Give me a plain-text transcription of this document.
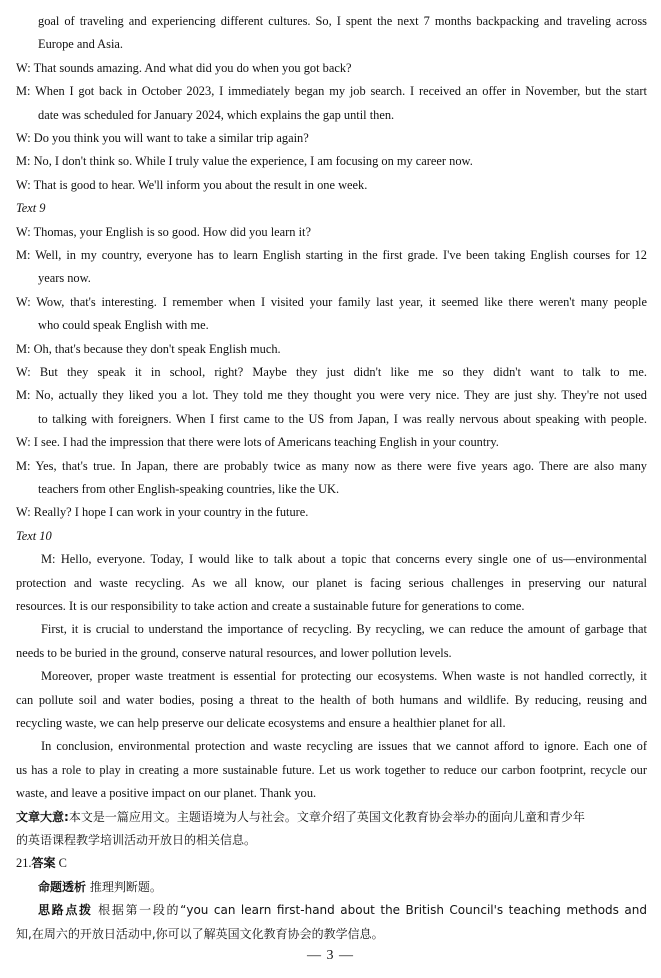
goal of traveling and experiencing different cultures. So, I spent the next 7 months backpacking and traveling across
Europe and Asia.
W: That sounds amazing. And what did you do when you got back?
M: When I got back in October 2023, I immediately began my job search. I received an offer in November, but the start
date was scheduled for January 2024, which explains the gap until then.
W: Do you think you will want to take a similar trip again?
M: No, I don't think so. While I truly value the experience, I am focusing on my career now.
W: That is good to hear. We'll inform you about the result in one week.
Text 9
W: Thomas, your English is so good. How did you learn it?
M: Well, in my country, everyone has to learn English starting in the first grade. I've been taking English courses for 12
years now.
W: Wow, that's interesting. I remember when I visited your family last year, it seemed like there weren't many people
who could speak English with me.
M: Oh, that's because they don't speak English much.
W: But they speak it in school, right? Maybe they just didn't like me so they didn't want to talk to me.
M: No, actually they liked you a lot. They told me they thought you were very nice. They are just shy. They're not used
to talking with foreigners. When I first came to the US from Japan, I was really nervous about speaking with people.
W: I see. I had the impression that there were lots of Americans teaching English in your country.
M: Yes, that's true. In Japan, there are probably twice as many now as there were five years ago. There are also many
teachers from other English-speaking countries, like the UK.
W: Really? I hope I can work in your country in the future.
Text 10
M: Hello, everyone. Today, I would like to talk about a topic that concerns every single one of us—environmental
protection and waste recycling. As we all know, our planet is facing serious challenges in preserving our natural
resources. It is our responsibility to take action and create a sustainable future for generations to come.
First, it is crucial to understand the importance of recycling. By recycling, we can reduce the amount of garbage that
needs to be buried in the ground, conserve natural resources, and lower pollution levels.
Moreover, proper waste treatment is essential for protecting our ecosystems. When waste is not handled correctly, it
can pollute soil and water bodies, posing a threat to the health of both humans and wildlife. By reducing, reusing and
recycling waste, we can help preserve our delicate ecosystems and ensure a healthier planet for all.
In conclusion, environmental protection and waste recycling are issues that we cannot afford to ignore. Each one of
us has a role to play in creating a more sustainable future. Let us work together to reduce our carbon footprint, recycle our
waste, and leave a positive impact on our planet. Thank you.
文章大意:本文是一篇应用文。主题语境为人与社会。文章介绍了英国文化教育协会举办的面向儿童和青少年
的英语课程教学培训活动开放日的相关信息。
21.答案 C
命题透析 推理判断题。
思路点拨 根据第一段的“you can learn first-hand about the British Council's teaching methods and
知,在周六的开放日活动中,你可以了解英国文化教育协会的教学信息。
— 3 —
